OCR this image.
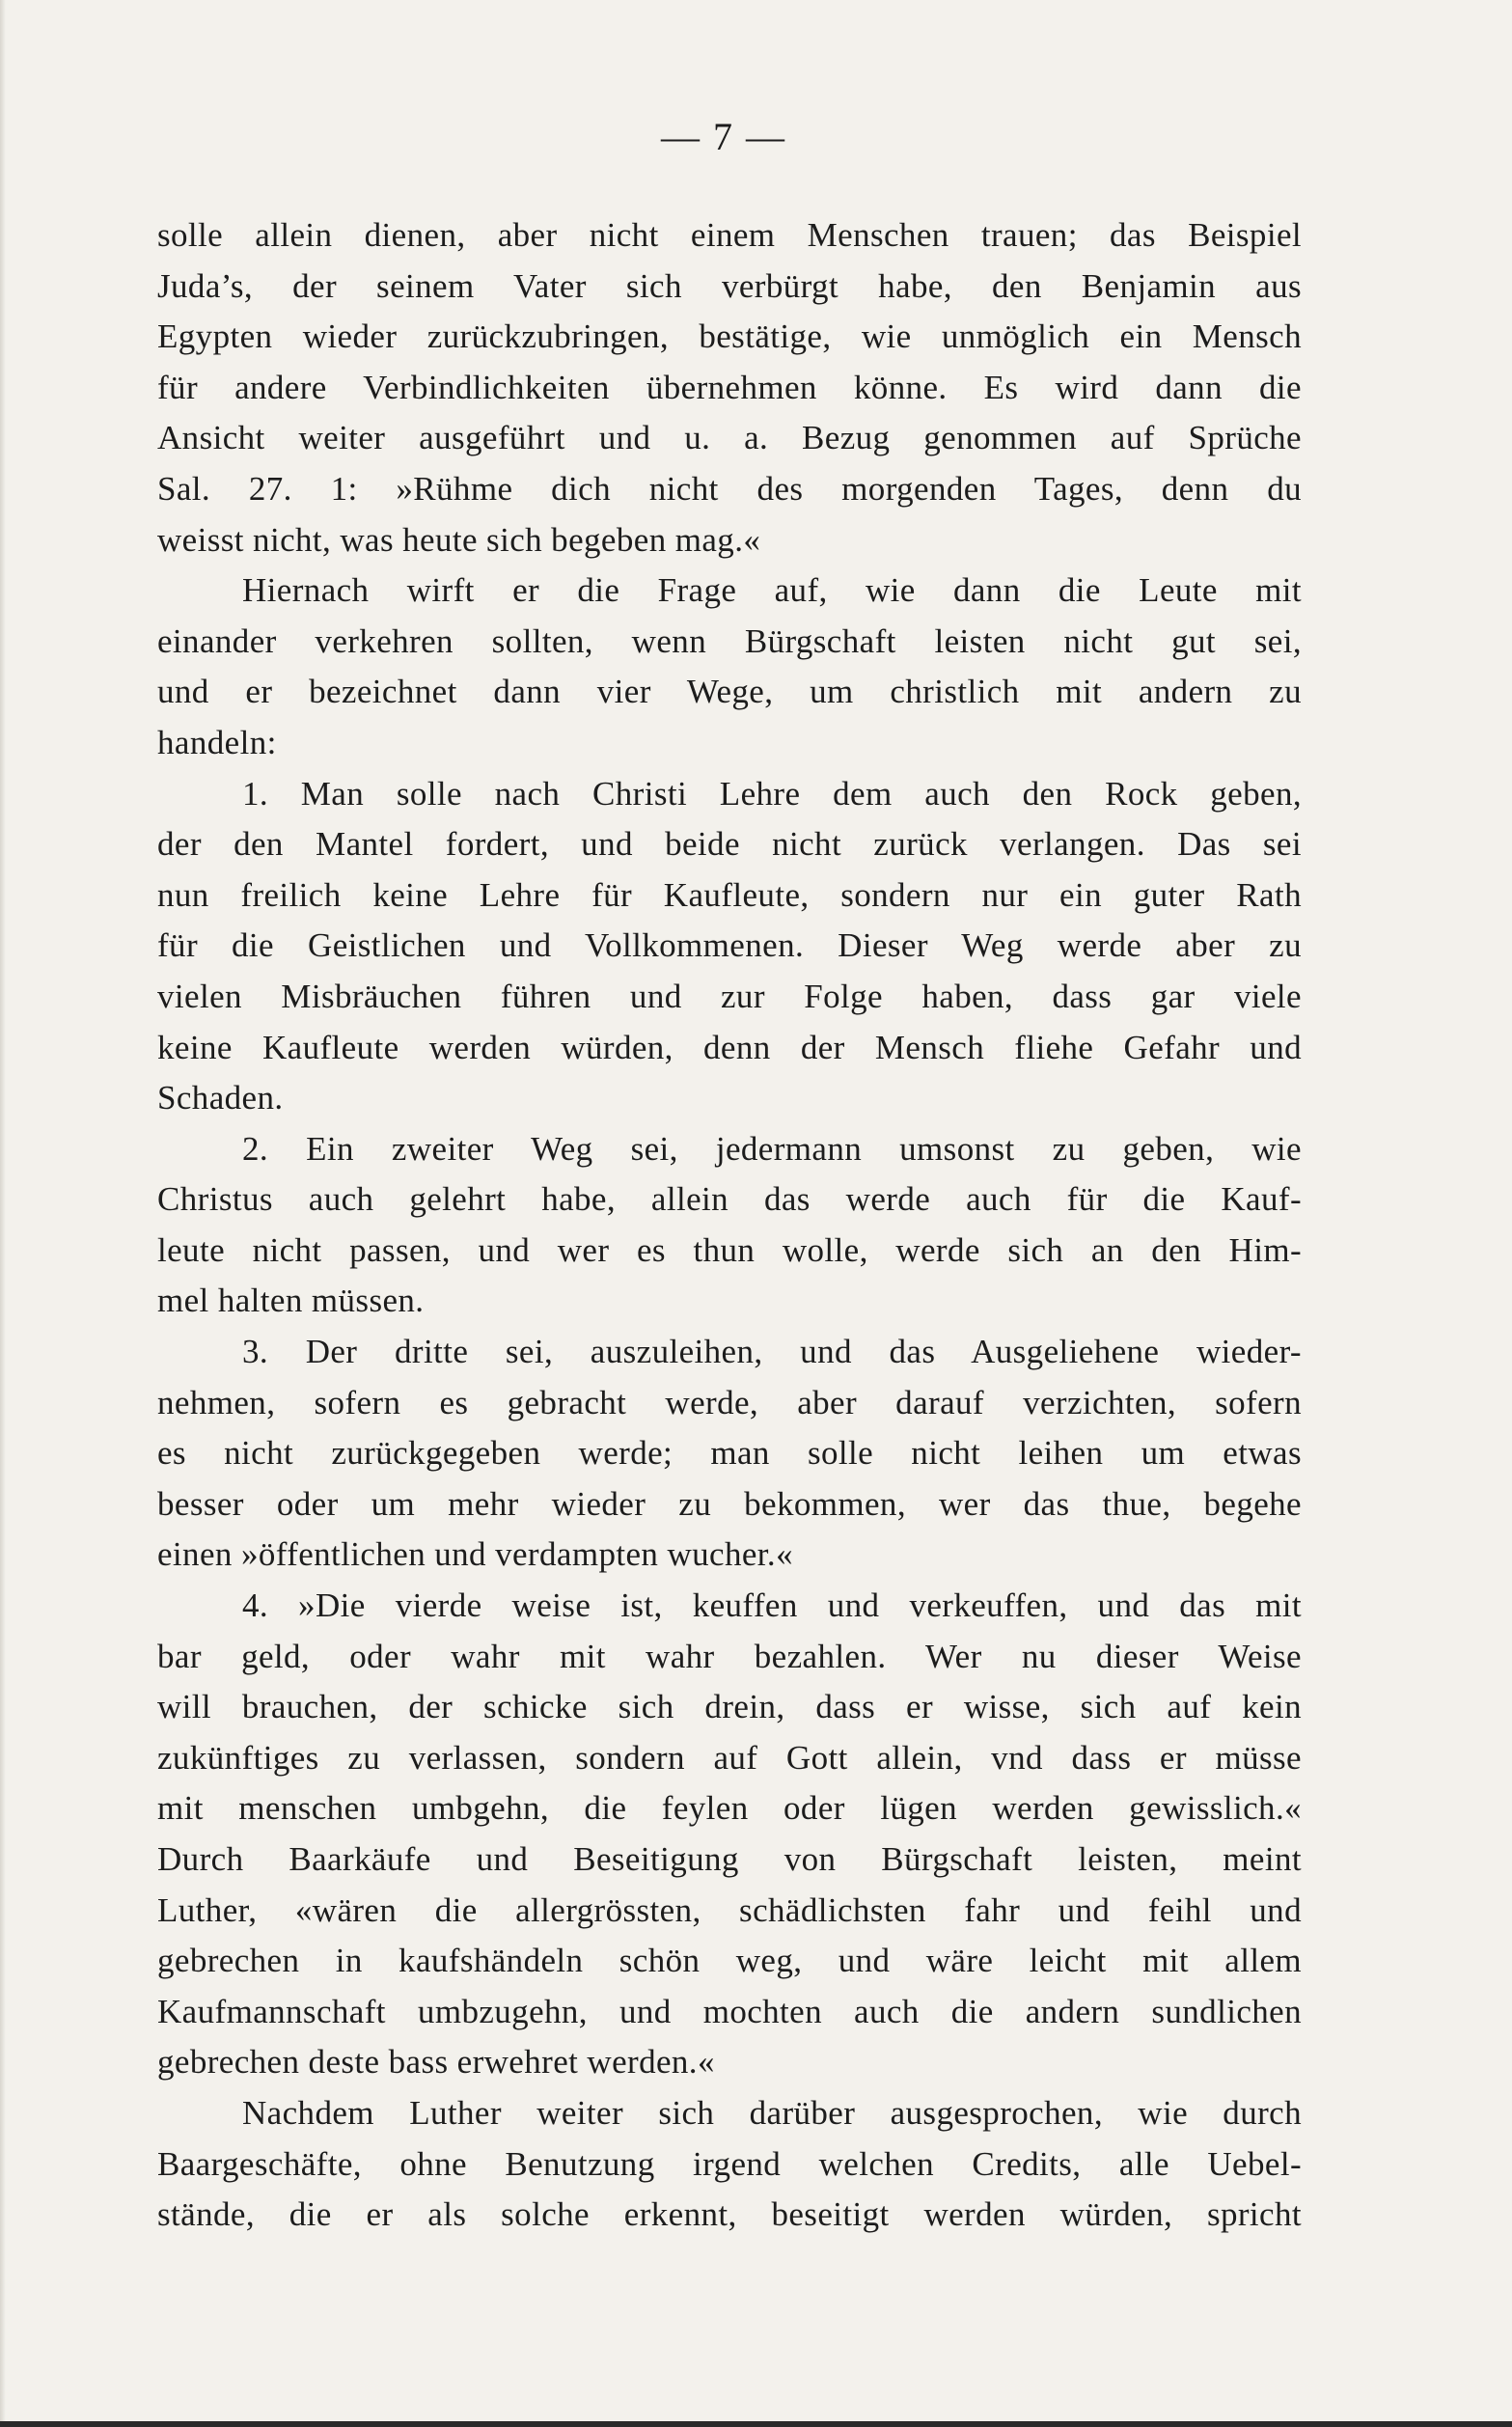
— 7 —
solle allein dienen, aber nicht einem Menschen trauen; das Beispiel
Juda’s, der seinem Vater sich verbürgt habe, den Benjamin aus
Egypten wieder zurückzubringen, bestätige, wie unmöglich ein Mensch
für andere Verbindlichkeiten übernehmen könne. Es wird dann die
Ansicht weiter ausgeführt und u. a. Bezug genommen auf Sprüche
Sal. 27. 1: »Rühme dich nicht des morgenden Tages, denn du
weisst nicht, was heute sich begeben mag.«
Hiernach wirft er die Frage auf, wie dann die Leute mit
einander verkehren sollten, wenn Bürgschaft leisten nicht gut sei,
und er bezeichnet dann vier Wege, um christlich mit andern zu
handeln:
1. Man solle nach Christi Lehre dem auch den Rock geben,
der den Mantel fordert, und beide nicht zurück verlangen. Das sei
nun freilich keine Lehre für Kaufleute, sondern nur ein guter Rath
für die Geistlichen und Vollkommenen. Dieser Weg werde aber zu
vielen Misbräuchen führen und zur Folge haben, dass gar viele
keine Kaufleute werden würden, denn der Mensch fliehe Gefahr und
Schaden.
2. Ein zweiter Weg sei, jedermann umsonst zu geben, wie
Christus auch gelehrt habe, allein das werde auch für die Kauf-
leute nicht passen, und wer es thun wolle, werde sich an den Him-
mel halten müssen.
3. Der dritte sei, auszuleihen, und das Ausgeliehene wieder-
nehmen, sofern es gebracht werde, aber darauf verzichten, sofern
es nicht zurückgegeben werde; man solle nicht leihen um etwas
besser oder um mehr wieder zu bekommen, wer das thue, begehe
einen »öffentlichen und verdampten wucher.«
4. »Die vierde weise ist, keuffen und verkeuffen, und das mit
bar geld, oder wahr mit wahr bezahlen. Wer nu dieser Weise
will brauchen, der schicke sich drein, dass er wisse, sich auf kein
zukünftiges zu verlassen, sondern auf Gott allein, vnd dass er müsse
mit menschen umbgehn, die feylen oder lügen werden gewisslich.«
Durch Baarkäufe und Beseitigung von Bürgschaft leisten, meint
Luther, «wären die allergrössten, schädlichsten fahr und feihl und
gebrechen in kaufshändeln schön weg, und wäre leicht mit allem
Kaufmannschaft umbzugehn, und mochten auch die andern sundlichen
gebrechen deste bass erwehret werden.«
Nachdem Luther weiter sich darüber ausgesprochen, wie durch
Baargeschäfte, ohne Benutzung irgend welchen Credits, alle Uebel-
stände, die er als solche erkennt, beseitigt werden würden, spricht
